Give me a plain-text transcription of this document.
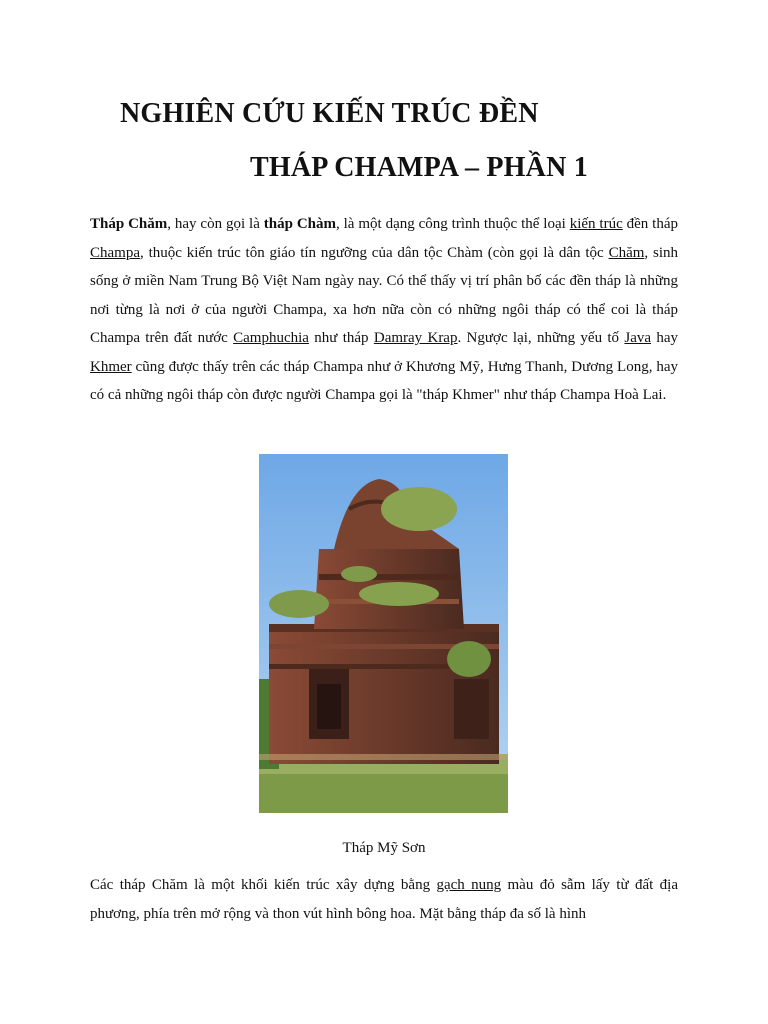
NGHIÊN CỨU KIẾN TRÚC ĐỀN
THÁP CHAMPA – PHẦN 1
Tháp Chăm, hay còn gọi là tháp Chàm, là một dạng công trình thuộc thể loại kiến trúc đền tháp Champa, thuộc kiến trúc tôn giáo tín ngưỡng của dân tộc Chàm (còn gọi là dân tộc Chăm, sinh sống ở miền Nam Trung Bộ Việt Nam ngày nay. Có thể thấy vị trí phân bố các đền tháp là những nơi từng là nơi ở của người Champa, xa hơn nữa còn có những ngôi tháp có thể coi là tháp Champa trên đất nước Camphuchia như tháp Damray Krap. Ngược lại, những yếu tố Java hay Khmer cũng được thấy trên các tháp Champa như ở Khương Mỹ, Hưng Thanh, Dương Long, hay có cả những ngôi tháp còn được người Champa gọi là "tháp Khmer" như tháp Champa Hoà Lai.
Tháp Mỹ Sơn
Các tháp Chăm là một khối kiến trúc xây dựng bằng gạch nung màu đỏ sẫm lấy từ đất địa phương, phía trên mở rộng và thon vút hình bông hoa. Mặt bằng tháp đa số là hình
